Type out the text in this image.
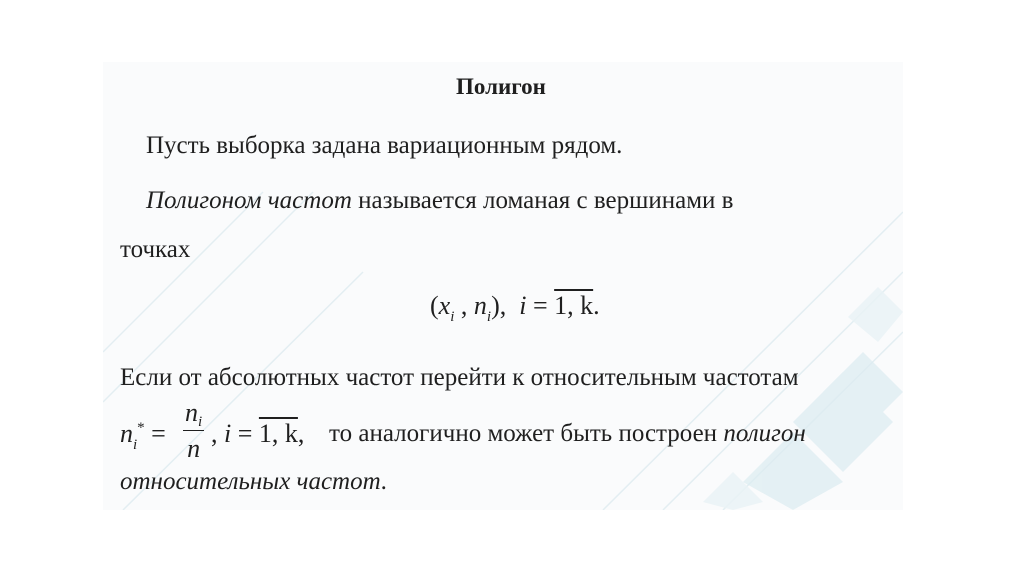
Полигон
Пусть выборка задана вариационным рядом.
Полигоном частот называется ломаная с вершинами в
точках
($x_i$ , $n_i$), i = 1, k.
Если от абсолютных частот перейти к относительным частотам
$n_i^* = \frac{ni}{n}$ , i = 1, k, то аналогично может быть построен полигон
относительных частот.
